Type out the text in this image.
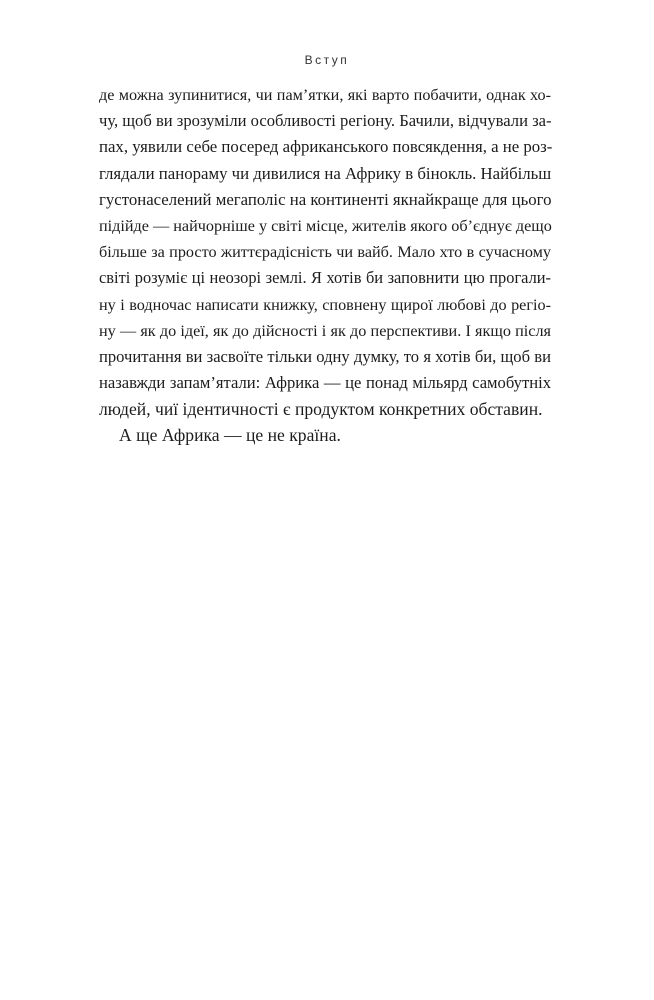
Вступ
де можна зупинитися, чи пам’ятки, які варто побачити, однак хо-
чу, щоб ви зрозуміли особливості регіону. Бачили, відчували за-
пах, уявили себе посеред африканського повсякдення, а не роз-
глядали панораму чи дивилися на Африку в бінокль. Найбільш
густонаселений мегаполіс на континенті якнайкраще для цього
підійде — найчорніше у світі місце, жителів якого об’єднує дещо
більше за просто життєрадісність чи вайб. Мало хто в сучасному
світі розуміє ці неозорі землі. Я хотів би заповнити цю прогали-
ну і водночас написати книжку, сповнену щирої любові до регіо-
ну — як до ідеї, як до дійсності і як до перспективи. І якщо після
прочитання ви засвоїте тільки одну думку, то я хотів би, щоб ви
назавжди запам’ятали: Африка — це понад мільярд самобутніх
людей, чиї ідентичності є продуктом конкретних обставин.
А ще Африка — це не країна.
